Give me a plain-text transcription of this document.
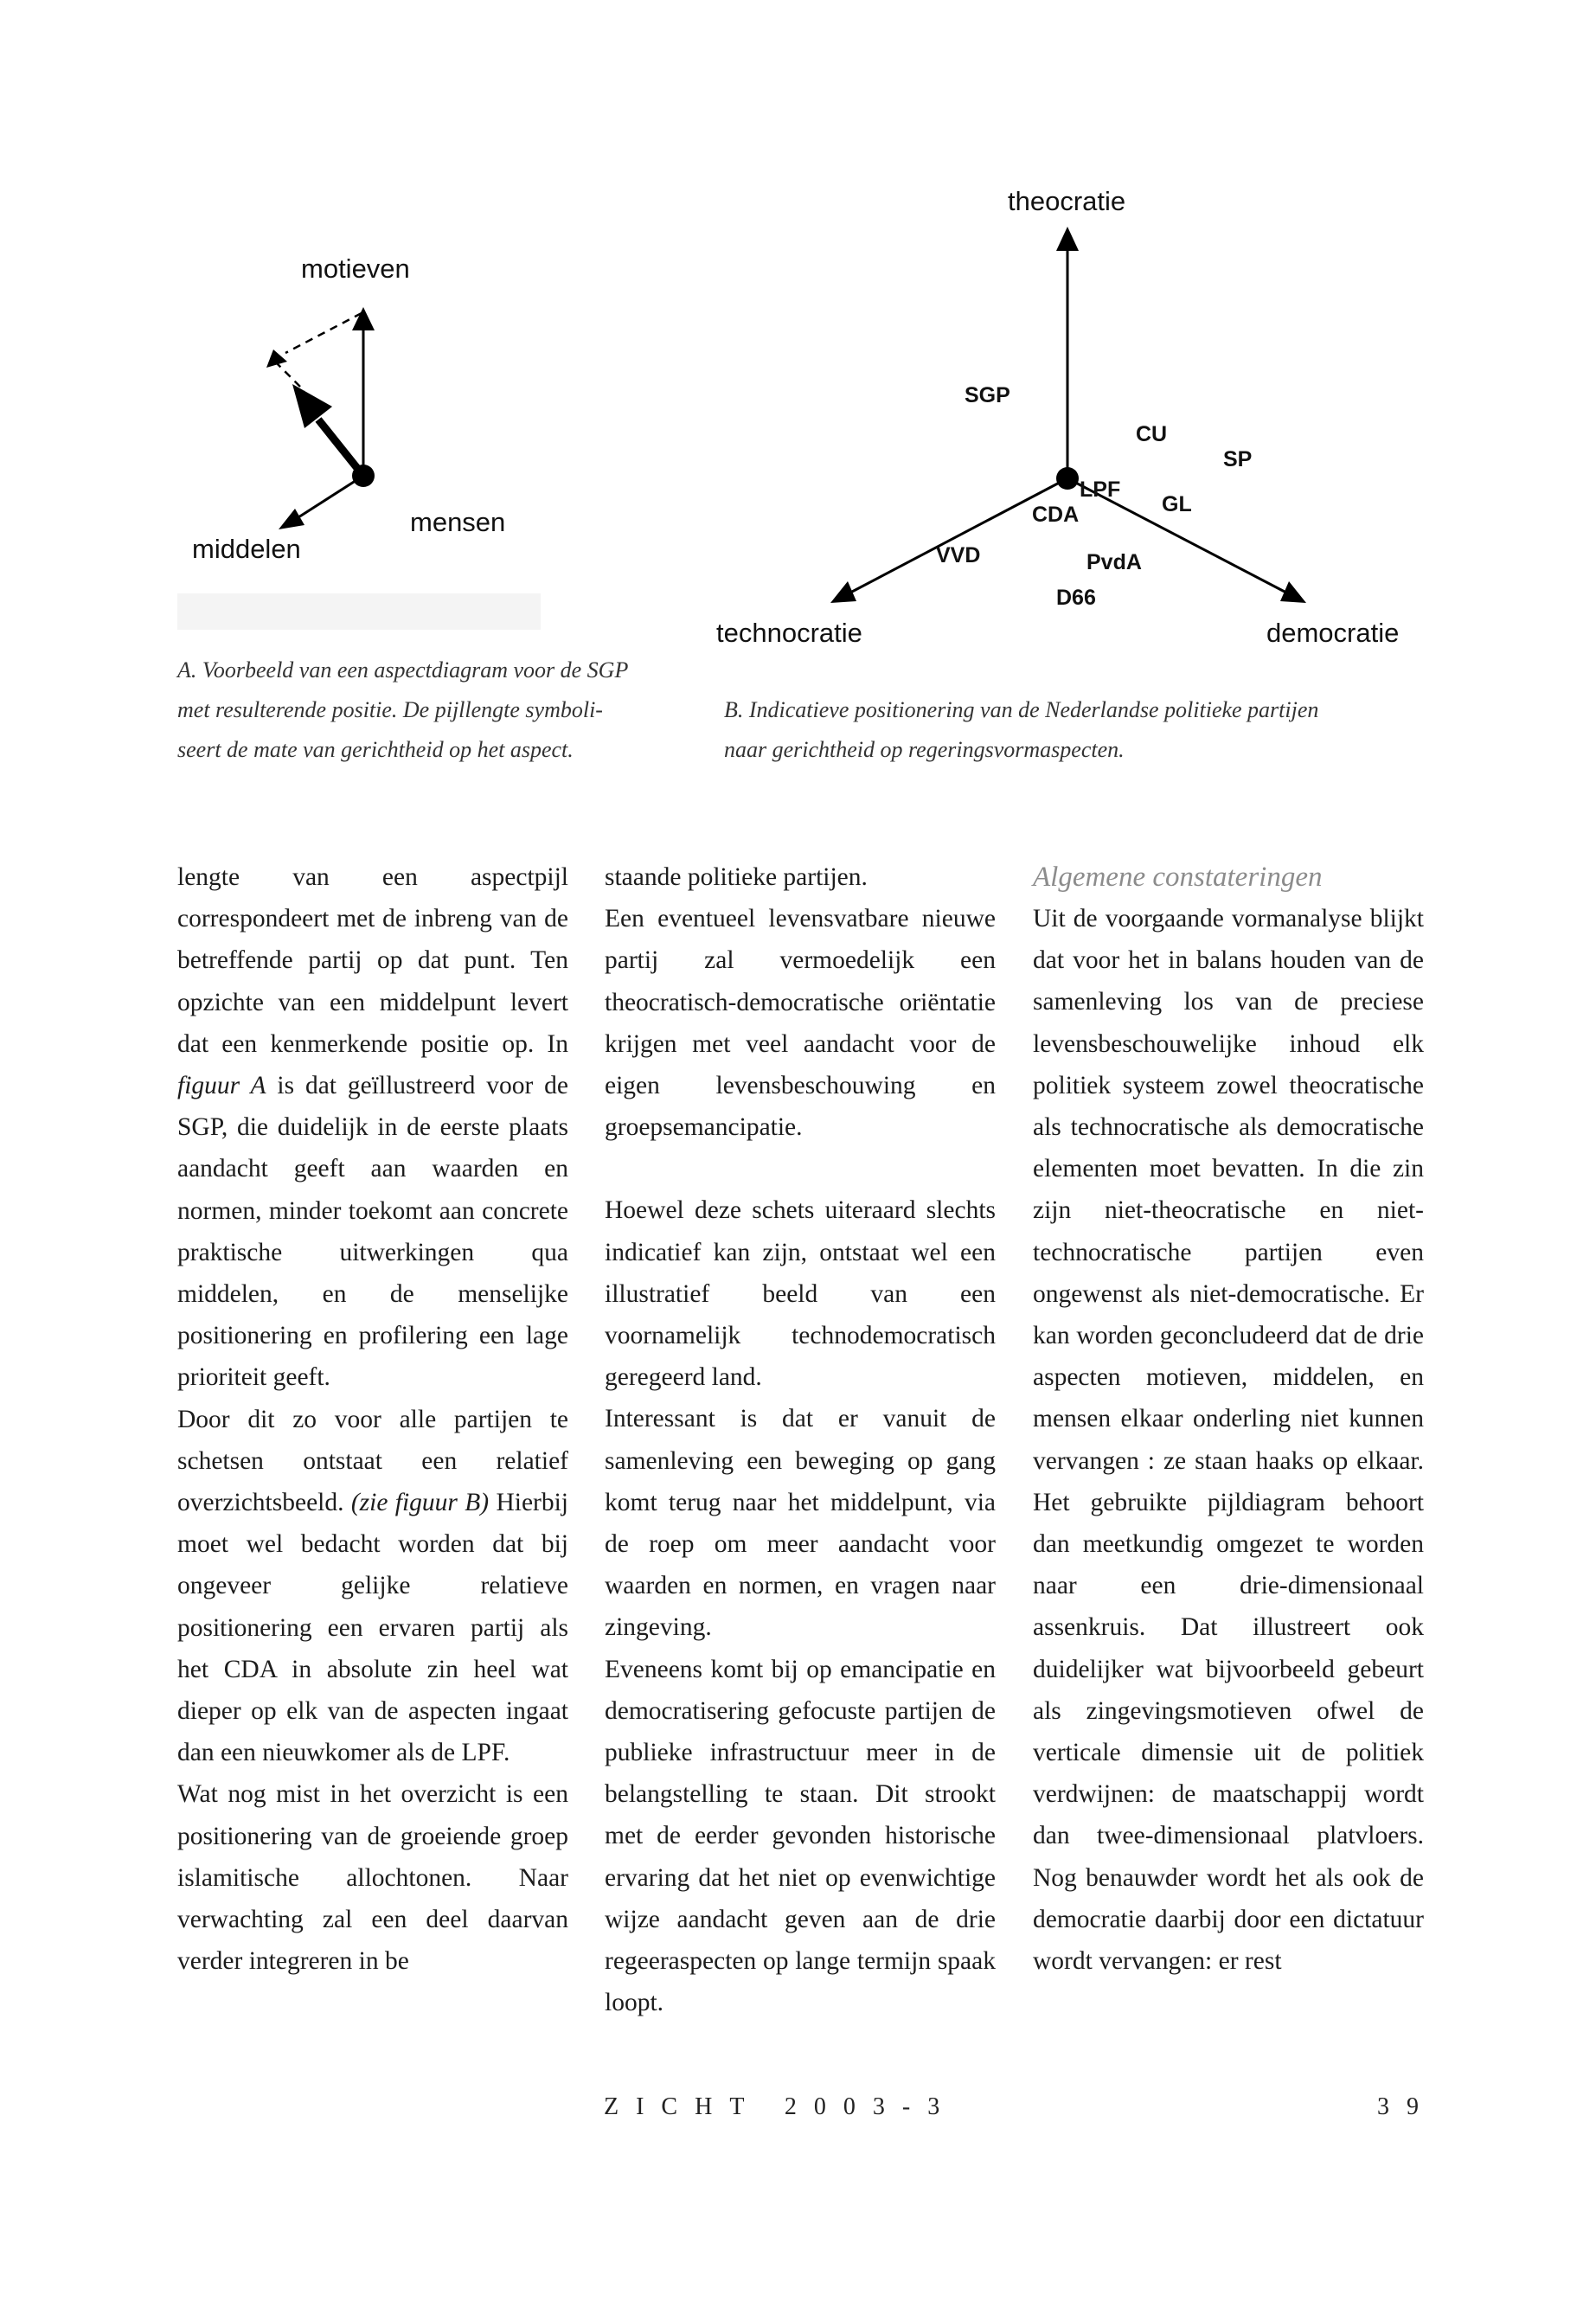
motieven
middelen
mensen
theocratie
technocratie	democratie
SGP
CU
SP
LPF
GL
CDA
VVD	PvdA
D66
A. Voorbeeld van een aspectdiagram voor de SGP
met resulterende positie. De pijllengte symboli-
seert de mate van gerichtheid op het aspect.
B. Indicatieve positionering van de Nederlandse politieke partijen
naar gerichtheid op regeringsvormaspecten.

lengte van een aspectpijl correspondeert met de inbreng van de betreffende partij op dat punt. Ten opzichte van een middelpunt levert dat een kenmerkende positie op. In figuur A is dat geïllustreerd voor de SGP, die duidelijk in de eerste plaats aandacht geeft aan waarden en normen, minder toekomt aan concrete praktische uitwerkingen qua middelen, en de menselijke positionering en profilering een lage prioriteit geeft.

Door dit zo voor alle partijen te schetsen ontstaat een relatief overzichtsbeeld. (zie figuur B) Hierbij moet wel bedacht worden dat bij ongeveer gelijke relatieve positionering een ervaren partij als het CDA in absolute zin heel wat dieper op elk van de aspecten ingaat dan een nieuwkomer als de LPF.

Wat nog mist in het overzicht is een positionering van de groeiende groep islamitische allochtonen. Naar verwachting zal een deel daarvan verder integreren in be

staande politieke partijen.

Een eventueel levensvatbare nieuwe partij zal vermoedelijk een theocratisch-democratische oriëntatie krijgen met veel aandacht voor de eigen levensbeschouwing en groepsemancipatie.

Hoewel deze schets uiteraard slechts indicatief kan zijn, ontstaat wel een illustratief beeld van een voornamelijk technodemocratisch geregeerd land.

Interessant is dat er vanuit de samenleving een beweging op gang komt terug naar het middelpunt, via de roep om meer aandacht voor waarden en normen, en vragen naar zingeving.

Eveneens komt bij op emancipatie en democratisering gefocuste partijen de publieke infrastructuur meer in de belangstelling te staan. Dit strookt met de eerder gevonden historische ervaring dat het niet op evenwichtige wijze aandacht geven aan de drie regeeraspecten op lange termijn spaak loopt.

Algemene constateringen

Uit de voorgaande vormanalyse blijkt dat voor het in balans houden van de samenleving los van de preciese levensbeschouwelijke inhoud elk politiek systeem zowel theocratische als technocratische als democratische elementen moet bevatten. In die zin zijn niet-theocratische en niet-technocratische partijen even ongewenst als niet-democratische. Er kan worden geconcludeerd dat de drie aspecten motieven, middelen, en mensen elkaar onderling niet kunnen vervangen : ze staan haaks op elkaar. Het gebruikte pijldiagram behoort dan meetkundig omgezet te worden naar een drie-dimensionaal assenkruis. Dat illustreert ook duidelijker wat bijvoorbeeld gebeurt als zingevingsmotieven ofwel de verticale dimensie uit de politiek verdwijnen: de maatschappij wordt dan twee-dimensionaal platvloers. Nog benauwder wordt het als ook de democratie daarbij door een dictatuur wordt vervangen: er rest

ZICHT 2003-3	39
